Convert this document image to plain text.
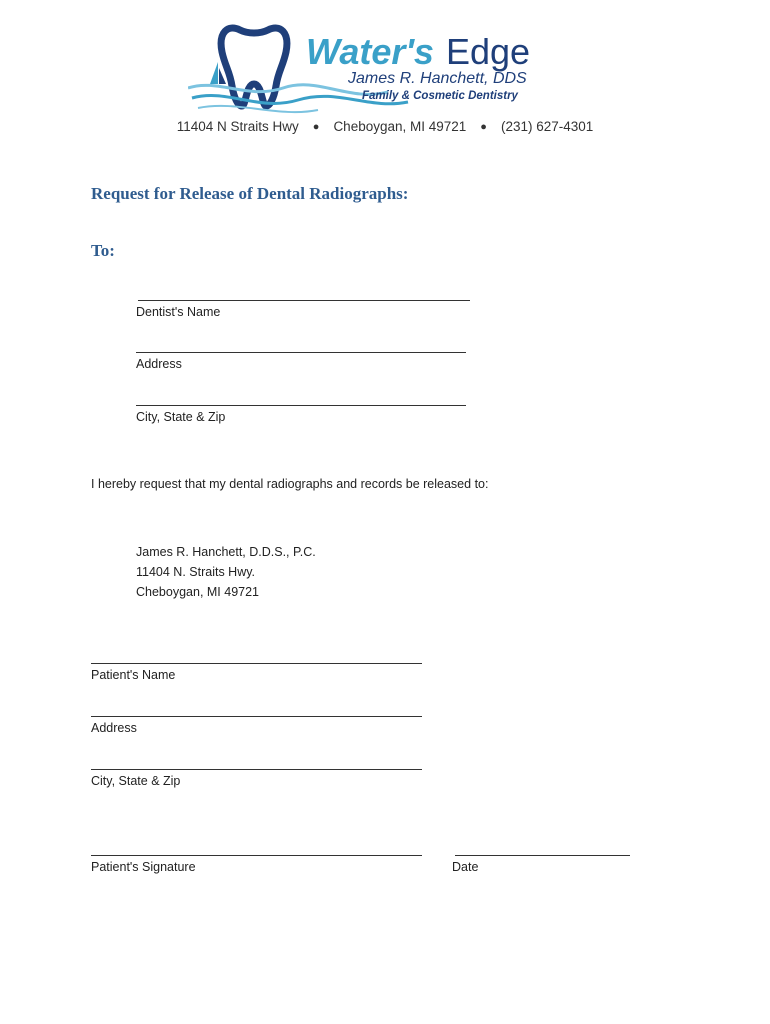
Water's Edge
James R. Hanchett, DDS
Family & Cosmetic Dentistry
11404 N Straits Hwy ● Cheboygan, MI 49721 ● (231) 627-4301
Request for Release of Dental Radiographs:
To:
Dentist's Name
Address
City, State & Zip
I hereby request that my dental radiographs and records be released to:
James R. Hanchett, D.D.S., P.C.
11404 N. Straits Hwy.
Cheboygan, MI 49721
Patient's Name
Address
City, State & Zip
Patient's Signature	Date
